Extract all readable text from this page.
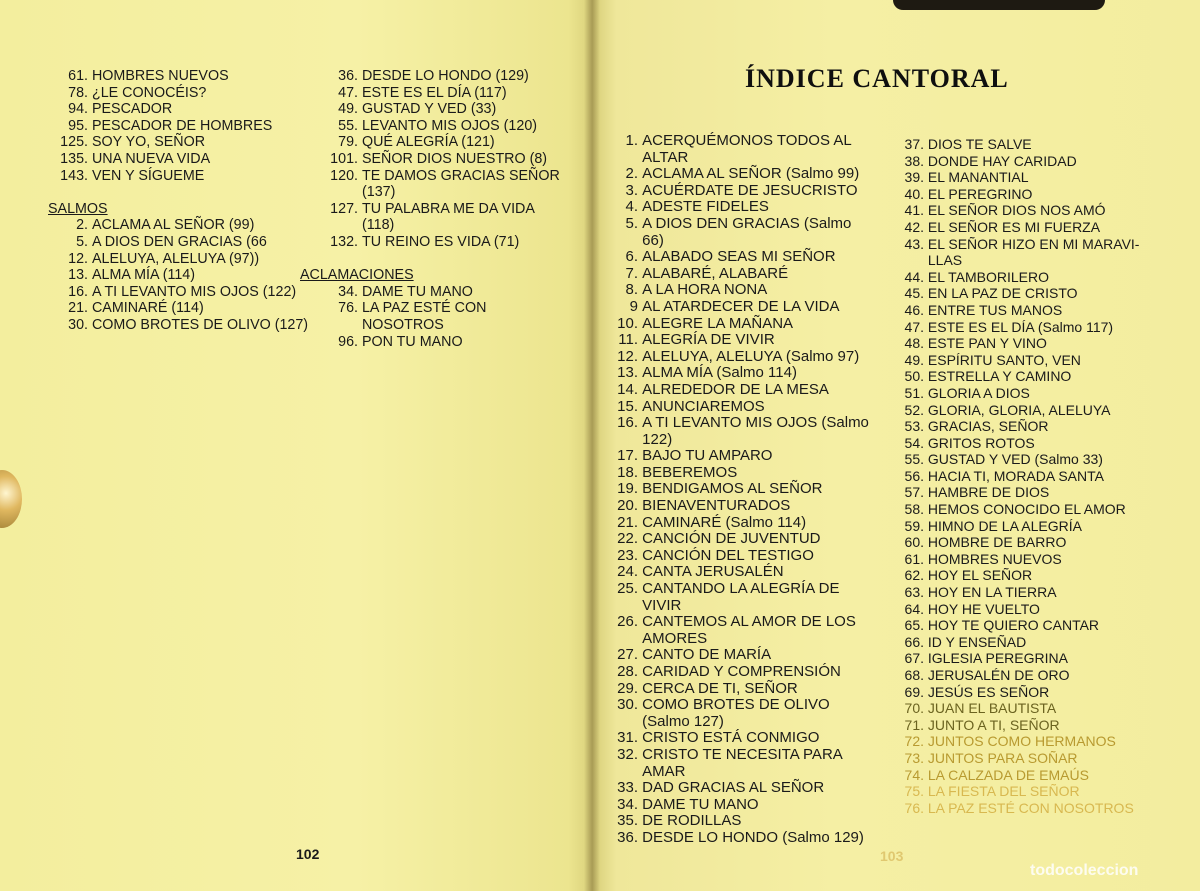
61. HOMBRES NUEVOS
78. ¿LE CONOCÉIS?
94. PESCADOR
95. PESCADOR DE HOMBRES
125. SOY YO, SEÑOR
135. UNA NUEVA VIDA
143. VEN Y SÍGUEME
SALMOS
2. ACLAMA AL SEÑOR (99)
5. A DIOS DEN GRACIAS (66
12. ALELUYA, ALELUYA (97))
13. ALMA MÍA (114)
16. A TI LEVANTO MIS OJOS (122)
21. CAMINARÉ (114)
30. COMO BROTES DE OLIVO (127)
36. DESDE LO HONDO (129)
47. ESTE ES EL DÍA (117)
49. GUSTAD Y VED (33)
55. LEVANTO MIS OJOS (120)
79. QUÉ ALEGRÍA (121)
101. SEÑOR DIOS NUESTRO (8)
120. TE DAMOS GRACIAS SEÑOR (137)
127. TU PALABRA ME DA VIDA (118)
132. TU REINO ES VIDA (71)
ACLAMACIONES
34. DAME TU MANO
76. LA PAZ ESTÉ CON NOSOTROS
96. PON TU MANO
102
ÍNDICE CANTORAL
1. ACERQUÉMONOS TODOS AL ALTAR
2. ACLAMA AL SEÑOR (Salmo 99)
3. ACUÉRDATE DE JESUCRISTO
4. ADESTE FIDELES
5. A DIOS DEN GRACIAS (Salmo 66)
6. ALABADO SEAS MI SEÑOR
7. ALABARÉ, ALABARÉ
8. A LA HORA NONA
9 AL ATARDECER DE LA VIDA
10. ALEGRE LA MAÑANA
11. ALEGRÍA DE VIVIR
12. ALELUYA, ALELUYA (Salmo 97)
13. ALMA MÍA (Salmo 114)
14. ALREDEDOR DE LA MESA
15. ANUNCIAREMOS
16. A TI LEVANTO MIS OJOS (Salmo 122)
17. BAJO TU AMPARO
18. BEBEREMOS
19. BENDIGAMOS AL SEÑOR
20. BIENAVENTURADOS
21. CAMINARÉ (Salmo 114)
22. CANCIÓN DE JUVENTUD
23. CANCIÓN DEL TESTIGO
24. CANTA JERUSALÉN
25. CANTANDO LA ALEGRÍA DE VIVIR
26. CANTEMOS AL AMOR DE LOS AMORES
27. CANTO DE MARÍA
28. CARIDAD Y COMPRENSIÓN
29. CERCA DE TI, SEÑOR
30. COMO BROTES DE OLIVO (Salmo 127)
31. CRISTO ESTÁ CONMIGO
32. CRISTO TE NECESITA PARA AMAR
33. DAD GRACIAS AL SEÑOR
34. DAME TU MANO
35. DE RODILLAS
36. DESDE LO HONDO (Salmo 129)
37. DIOS TE SALVE
38. DONDE HAY CARIDAD
39. EL MANANTIAL
40. EL PEREGRINO
41. EL SEÑOR DIOS NOS AMÓ
42. EL SEÑOR ES MI FUERZA
43. EL SEÑOR HIZO EN MI MARAVI-LLAS
44. EL TAMBORILERO
45. EN LA PAZ DE CRISTO
46. ENTRE TUS MANOS
47. ESTE ES EL DÍA (Salmo 117)
48. ESTE PAN Y VINO
49. ESPÍRITU SANTO, VEN
50. ESTRELLA Y CAMINO
51. GLORIA A DIOS
52. GLORIA, GLORIA, ALELUYA
53. GRACIAS, SEÑOR
54. GRITOS ROTOS
55. GUSTAD Y VED (Salmo 33)
56. HACIA TI, MORADA SANTA
57. HAMBRE DE DIOS
58. HEMOS CONOCIDO EL AMOR
59. HIMNO DE LA ALEGRÍA
60. HOMBRE DE BARRO
61. HOMBRES NUEVOS
62. HOY EL SEÑOR
63. HOY EN LA TIERRA
64. HOY HE VUELTO
65. HOY TE QUIERO CANTAR
66. ID Y ENSEÑAD
67. IGLESIA PEREGRINA
68. JERUSALÉN DE ORO
69. JESÚS ES SEÑOR
70. JUAN EL BAUTISTA
71. JUNTO A TI, SEÑOR
72. JUNTOS COMO HERMANOS
73. JUNTOS PARA SOÑAR
74. LA CALZADA DE EMAÚS
75. LA FIESTA DEL SEÑOR
76. LA PAZ ESTÉ CON NOSOTROS
103
todocoleccion
